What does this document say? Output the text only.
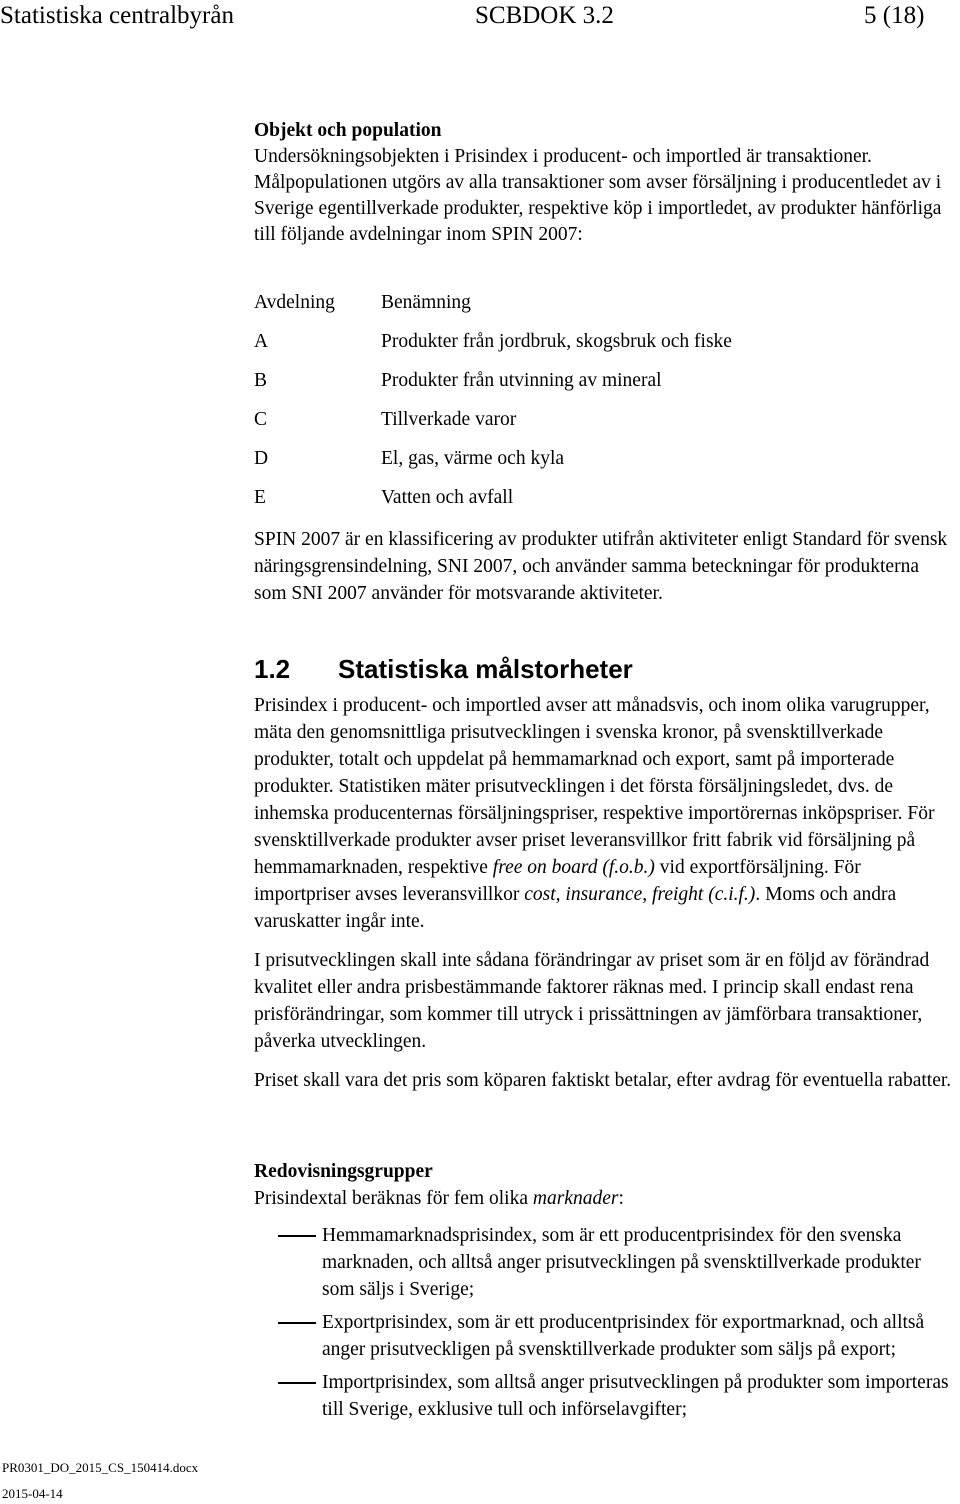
Statistiska centralbyrån	SCBDOK 3.2	5 (18)

Objekt och population

Undersökningsobjekten i Prisindex i producent- och importled är transaktioner. Målpopulationen utgörs av alla transaktioner som avser försäljning i producentledet av i Sverige egentillverkade produkter, respektive köp i importledet, av produkter hänförliga till följande avdelningar inom SPIN 2007:

Avdelning Benämning
A	Produkter från jordbruk, skogsbruk och fiske
B	Produkter från utvinning av mineral
C	Tillverkade varor
D	El, gas, värme och kyla
E	Vatten och avfall

SPIN 2007 är en klassificering av produkter utifrån aktiviteter enligt Standard för svensk näringsgrensindelning, SNI 2007, och använder samma beteckningar för produkterna som SNI 2007 använder för motsvarande aktiviteter.

1.2 Statistiska målstorheter

Prisindex i producent- och importled avser att månadsvis, och inom olika varugrupper, mäta den genomsnittliga prisutvecklingen i svenska kronor, på svensktillverkade produkter, totalt och uppdelat på hemmamarknad och export, samt på importerade produkter. Statistiken mäter prisutvecklingen i det första försäljningsledet, dvs. de inhemska producenternas försäljningspriser, respektive importörernas inköpspriser. För svensktillverkade produkter avser priset leveransvillkor fritt fabrik vid försäljning på hemmamarknaden, respektive free on board (f.o.b.) vid exportförsäljning. För importpriser avses leveransvillkor cost, insurance, freight (c.i.f.). Moms och andra varuskatter ingår inte.

I prisutvecklingen skall inte sådana förändringar av priset som är en följd av förändrad kvalitet eller andra prisbestämmande faktorer räknas med. I princip skall endast rena prisförändringar, som kommer till utryck i prissättningen av jämförbara transaktioner, påverka utvecklingen.

Priset skall vara det pris som köparen faktiskt betalar, efter avdrag för eventuella rabatter.

Redovisningsgrupper

Prisindextal beräknas för fem olika marknader:

Hemmamarknadsprisindex, som är ett producentprisindex för den svenska marknaden, och alltså anger prisutvecklingen på svensktillverkade produkter som säljs i Sverige;
Exportprisindex, som är ett producentprisindex för exportmarknad, och alltså anger prisutveckligen på svensktillverkade produkter som säljs på export;
Importprisindex, som alltså anger prisutvecklingen på produkter som importeras till Sverige, exklusive tull och införselavgifter;
PR0301_DO_2015_CS_150414.docx
2015-04-14
